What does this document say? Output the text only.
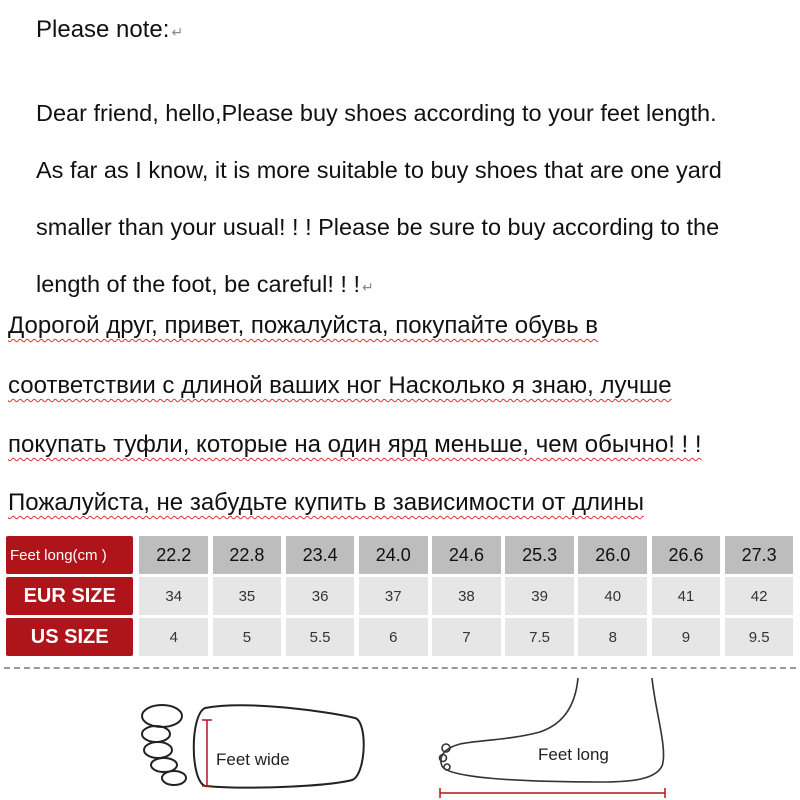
Please note: ↵
Dear friend, hello,Please buy shoes according to your feet length.
As far as I know, it is more suitable to buy shoes that are one yard
smaller than your usual! ! ! Please be sure to buy according to the
length of the foot, be careful! ! ! ↵
Дорогой друг, привет, пожалуйста, покупайте обувь в
соответствии с длиной ваших ног Насколько я знаю, лучше
покупать туфли, которые на один ярд меньше, чем обычно! ! !
Пожалуйста, не забудьте купить в зависимости от длины
Feet long(cm )	22.2	22.8	23.4	24.0	24.6	25.3	26.0	26.6	27.3
EUR SIZE	34	35	36	37	38	39	40	41	42
US SIZE	4	5	5.5	6	7	7.5	8	9	9.5
Feet wide	Feet long
